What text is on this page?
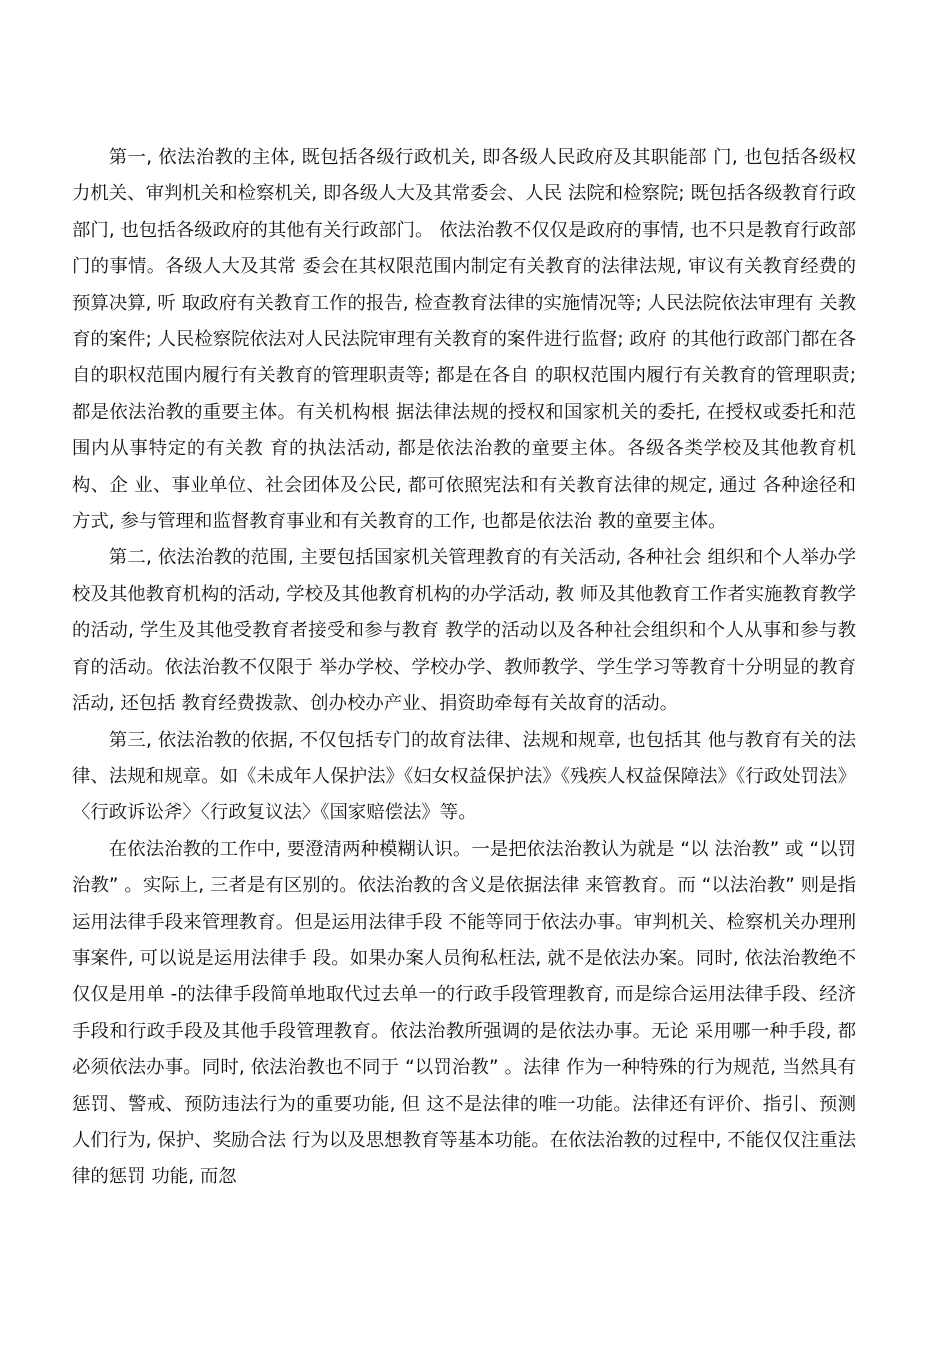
第一, 依法治教的主体, 既包括各级行政机关, 即各级人民政府及其职能部 门, 也包括各级权力机关、审判机关和检察机关, 即各级人大及其常委会、人民 法院和检察院; 既包括各级教育行政部门, 也包括各级政府的其他有关行政部门。 依法治教不仅仅是政府的事情, 也不只是教育行政部门的事情。各级人大及其常 委会在其权限范围内制定有关教育的法律法规, 审议有关教育经费的预算决算, 听 取政府有关教育工作的报告, 检查教育法律的实施情况等; 人民法院依法审理有 关教育的案件; 人民检察院依法对人民法院审理有关教育的案件进行监督; 政府 的其他行政部门都在各自的职权范围内履行有关教育的管理职责等; 都是在各自 的职权范围内履行有关教育的管理职责; 都是依法治教的重要主体。有关机构根 据法律法规的授权和国家机关的委托, 在授权或委托和范围内从事特定的有关教 育的执法活动, 都是依法治教的童要主体。各级各类学校及其他教育机构、企 业、事业单位、社会团体及公民, 都可依照宪法和有关教育法律的规定, 通过 各种途径和方式, 参与管理和监督教育事业和有关教育的工作, 也都是依法治 教的童要主体。

第二, 依法治教的范围, 主要包括国家机关管理教育的有关活动, 各种社会 组织和个人举办学校及其他教育机构的活动, 学校及其他教育机构的办学活动, 教 师及其他教育工作者实施教育教学的活动, 学生及其他受教育者接受和参与教育 教学的活动以及各种社会组织和个人从事和参与教育的活动。依法治教不仅限于 举办学校、学校办学、教师教学、学生学习等教育十分明显的教育活动, 还包括 教育经费拨款、创办校办产业、捐资助牵每有关故育的活动。

第三, 依法治教的依据, 不仅包括专门的故育法律、法规和规章, 也包括其 他与教育有关的法律、法规和规章。如《未成年人保护法》《妇女权益保护法》《残疾人权益保障法》《行政处罚法》〈行政诉讼斧〉〈行政复议法〉《国家赔偿法》等。

在依法治教的工作中, 要澄清两种模糊认识。一是把依法治教认为就是 “以 法治教” 或 “以罚治教” 。实际上, 三者是有区别的。依法治教的含义是依据法律 来管教育。而 “以法治教” 则是指运用法律手段来管理教育。但是运用法律手段 不能等同于依法办事。审判机关、检察机关办理刑事案件, 可以说是运用法律手 段。如果办案人员徇私枉法, 就不是依法办案。同时, 依法治教绝不仅仅是用单 -的法律手段简单地取代过去单一的行政手段管理教育, 而是综合运用法律手段、经济手段和行政手段及其他手段管理教育。依法治教所强调的是依法办事。无论 采用哪一种手段, 都必须依法办事。同时, 依法治教也不同于 “以罚治教” 。法律 作为一种特殊的行为规范, 当然具有惩罚、警戒、预防违法行为的重要功能, 但 这不是法律的唯一功能。法律还有评价、指引、预测人们行为, 保护、奖励合法 行为以及思想教育等基本功能。在依法治教的过程中, 不能仅仅注重法律的惩罚 功能, 而忽
